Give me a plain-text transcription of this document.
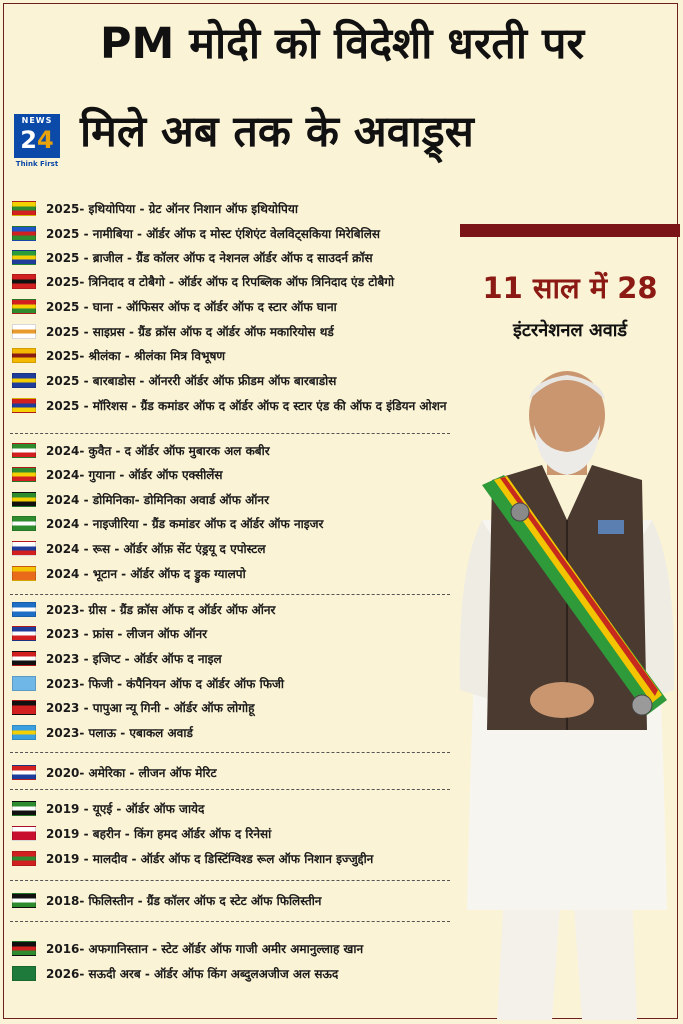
PM मोदी को विदेशी धरती पर
NEWS
24
Think First
मिले अब तक के अवाड्र्स
11 साल में 28
इंटरनेशनल अवार्ड
2025- इथियोपिया - ग्रेट ऑनर निशान ऑफ इथियोपिया
2025 - नामीबिया - ऑर्डर ऑफ द मोस्ट एंशिएंट वेलविट्सकिया मिरेबिलिस
2025 - ब्राजील - ग्रैंड कॉलर ऑफ द नेशनल ऑर्डर ऑफ द साउदर्न क्रॉस
2025- त्रिनिदाद व टोबैगो - ऑर्डर ऑफ द रिपब्लिक ऑफ त्रिनिदाद एंड टोबैगो
2025 - घाना - ऑफिसर ऑफ द ऑर्डर ऑफ द स्टार ऑफ घाना
2025 - साइप्रस - ग्रैंड क्रॉस ऑफ द ऑर्डर ऑफ मकारियोस थर्ड
2025- श्रीलंका - श्रीलंका मित्र विभूषण
2025 - बारबाडोस - ऑनररी ऑर्डर ऑफ फ्रीडम ऑफ बारबाडोस
2025 - मॉरिशस - ग्रैंड कमांडर ऑफ द ऑर्डर ऑफ द स्टार एंड की ऑफ द इंडियन ओशन
2024- कुवैत - द ऑर्डर ऑफ मुबारक अल कबीर
2024- गुयाना - ऑर्डर ऑफ एक्सीलेंस
2024 - डोमिनिका- डोमिनिका अवार्ड ऑफ ऑनर
2024 - नाइजीरिया - ग्रैंड कमांडर ऑफ द ऑर्डर ऑफ नाइजर
2024 - रूस - ऑर्डर ऑफ़ सेंट एंड्रयू द एपोस्टल
2024 - भूटान - ऑर्डर ऑफ द ड्रुक ग्यालपो
2023- ग्रीस - ग्रैंड क्रॉस ऑफ द ऑर्डर ऑफ ऑनर
2023 - फ्रांस - लीजन ऑफ ऑनर
2023 - इजिप्ट - ऑर्डर ऑफ द नाइल
2023- फिजी - कंपैनियन ऑफ द ऑर्डर ऑफ फिजी
2023 - पापुआ न्यू गिनी - ऑर्डर ऑफ लोगोहू
2023- पलाऊ - एबाकल अवार्ड
2020- अमेरिका - लीजन ऑफ मेरिट
2019 - यूएई - ऑर्डर ऑफ जायेद
2019 - बहरीन - किंग हमद ऑर्डर ऑफ द रिनेसां
2019 - मालदीव - ऑर्डर ऑफ द डिस्टिंग्विश्ड रूल ऑफ निशान इज्जुद्दीन
2018- फिलिस्तीन - ग्रैंड कॉलर ऑफ द स्टेट ऑफ फिलिस्तीन
2016- अफगानिस्तान - स्टेट ऑर्डर ऑफ गाजी अमीर अमानुल्लाह खान
2026- सऊदी अरब - ऑर्डर ऑफ किंग अब्दुलअजीज अल सऊद
